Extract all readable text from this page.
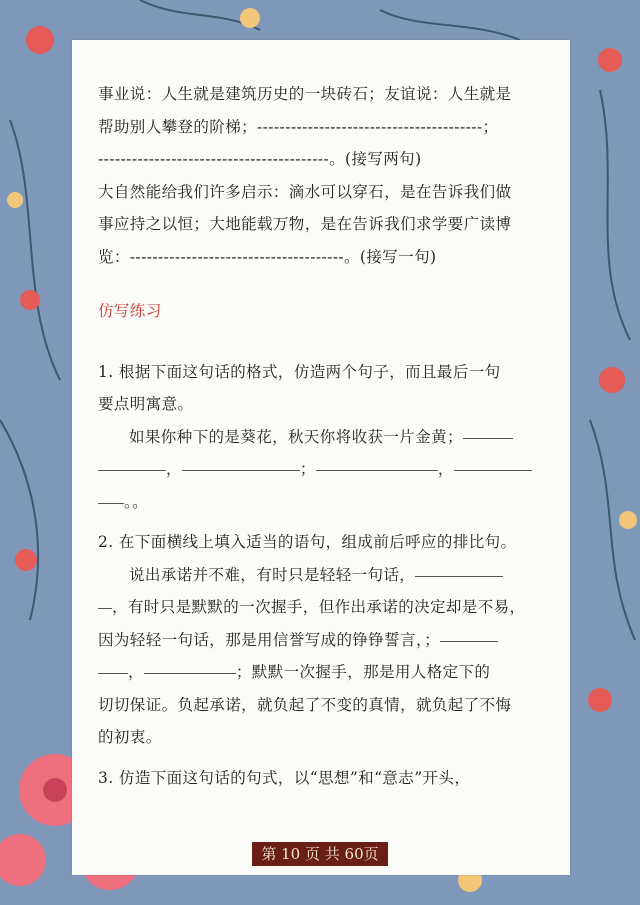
事业说：人生就是建筑历史的一块砖石；友谊说：人生就是

帮助别人攀登的阶梯；----------------------------------------；

-----------------------------------------。(接写两句)

大自然能给我们许多启示：滴水可以穿石，是在告诉我们做

事应持之以恒；大地能载万物，是在告诉我们求学要广读博

览：--------------------------------------。(接写一句)

仿写练习

1. 根据下面这句话的格式，仿造两个句子，而且最后一句

要点明寓意。

如果你种下的是葵花，秋天你将收获一片金黄；

，	；	，

。。

2. 在下面横线上填入适当的语句，组成前后呼应的排比句。

说出承诺并不难，有时只是轻轻一句话，

，有时只是默默的一次握手，但作出承诺的决定却是不易，

因为轻轻一句话，那是用信誉写成的铮铮誓言，；

，	；默默一次握手，那是用人格定下的

切切保证。负起承诺，就负起了不变的真情，就负起了不悔

的初衷。

3. 仿造下面这句话的句式，以“思想”和“意志”开头，

第 10 页 共 60页
